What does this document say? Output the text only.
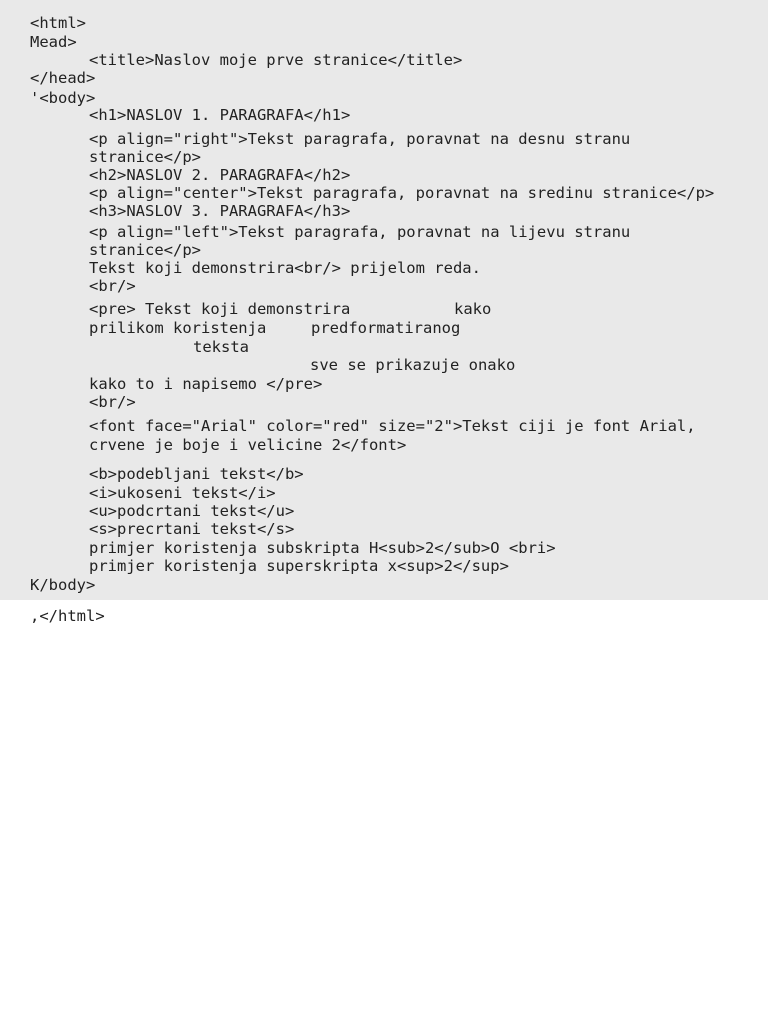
<html>
Mead>
<title>Naslov moje prve stranice</title>
</head>
'<body>
<h1>NASLOV 1. PARAGRAFA</h1>
<p align="right">Tekst paragrafa, poravnat na desnu stranu
stranice</p>
<h2>NASLOV 2. PARAGRAFA</h2>
<p align="center">Tekst paragrafa, poravnat na sredinu stranice</p>
<h3>NASLOV 3. PARAGRAFA</h3>
<p align="left">Tekst paragrafa, poravnat na lijevu stranu
stranice</p>
Tekst koji demonstrira<br/> prijelom reda.
<br/>
<pre> Tekst koji demonstrira	kako
prilikom koristenja	predformatiranog
teksta
sve se prikazuje onako
kako to i napisemo </pre>
<br/>
<font face="Arial" color="red" size="2">Tekst ciji je font Arial,
crvene je boje i velicine 2</font>
<b>podebljani tekst</b>
<i>ukoseni tekst</i>
<u>podcrtani tekst</u>
<s>precrtani tekst</s>
primjer koristenja subskripta H<sub>2</sub>O <bri>
primjer koristenja superskripta x<sup>2</sup>
K/body>
,</html>
